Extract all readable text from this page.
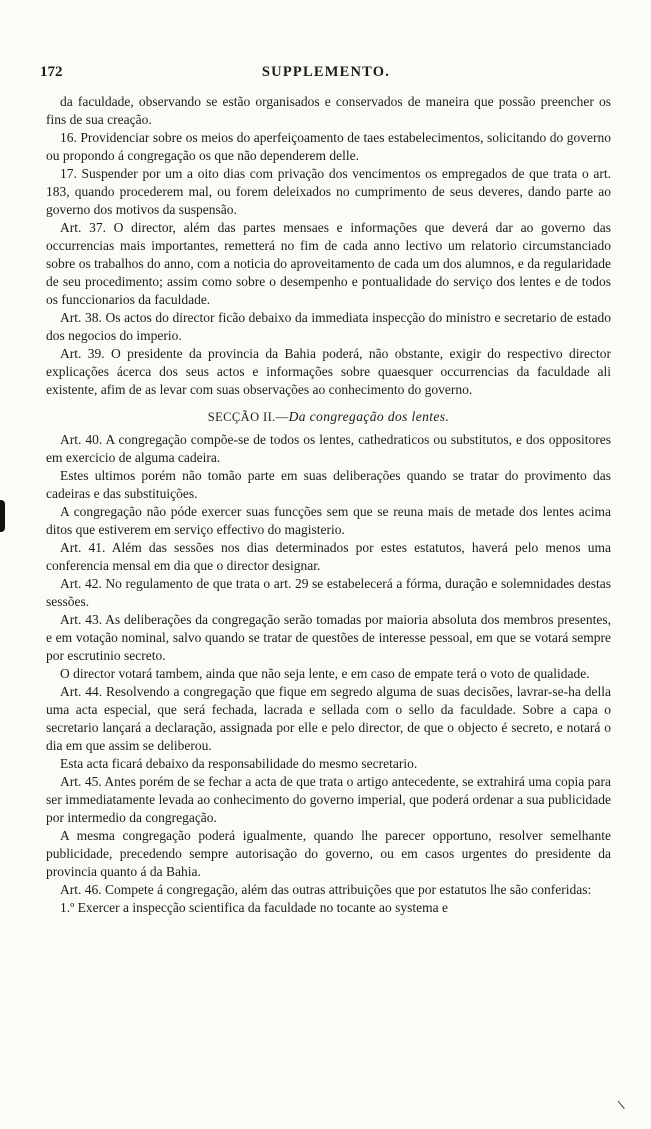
172	SUPPLEMENTO.

da faculdade, observando se estão organisados e conservados de maneira que possão preencher os fins de sua creação.

16. Providenciar sobre os meios do aperfeiçoamento de taes estabelecimentos, solicitando do governo ou propondo á congregação os que não dependerem delle.

17. Suspender por um a oito dias com privação dos vencimentos os empregados de que trata o art. 183, quando procederem mal, ou forem deleixados no cumprimento de seus deveres, dando parte ao governo dos motivos da suspensão.

Art. 37. O director, além das partes mensaes e informações que deverá dar ao governo das occurrencias mais importantes, remetterá no fim de cada anno lectivo um relatorio circumstanciado sobre os trabalhos do anno, com a noticia do aproveitamento de cada um dos alumnos, e da regularidade de seu procedimento; assim como sobre o desempenho e pontualidade do serviço dos lentes e de todos os funccionarios da faculdade.

Art. 38. Os actos do director ficão debaixo da immediata inspecção do ministro e secretario de estado dos negocios do imperio.

Art. 39. O presidente da provincia da Bahia poderá, não obstante, exigir do respectivo director explicações ácerca dos seus actos e informações sobre quaesquer occurrencias da faculdade ali existente, afim de as levar com suas observações ao conhecimento do governo.

SECÇÃO II.—Da congregação dos lentes.

Art. 40. A congregação compõe-se de todos os lentes, cathedraticos ou substitutos, e dos oppositores em exercicio de alguma cadeira.

Estes ultimos porém não tomão parte em suas deliberações quando se tratar do provimento das cadeiras e das substituições.

A congregação não póde exercer suas funcções sem que se reuna mais de metade dos lentes acima ditos que estiverem em serviço effectivo do magisterio.

Art. 41. Além das sessões nos dias determinados por estes estatutos, haverá pelo menos uma conferencia mensal em dia que o director designar.

Art. 42. No regulamento de que trata o art. 29 se estabelecerá a fórma, duração e solemnidades destas sessões.

Art. 43. As deliberações da congregação serão tomadas por maioria absoluta dos membros presentes, e em votação nominal, salvo quando se tratar de questões de interesse pessoal, em que se votará sempre por escrutinio secreto.

O director votará tambem, ainda que não seja lente, e em caso de empate terá o voto de qualidade.

Art. 44. Resolvendo a congregação que fique em segredo alguma de suas decisões, lavrar-se-ha della uma acta especial, que será fechada, lacrada e sellada com o sello da faculdade. Sobre a capa o secretario lançará a declaração, assignada por elle e pelo director, de que o objecto é secreto, e notará o dia em que assim se deliberou.

Esta acta ficará debaixo da responsabilidade do mesmo secretario.

Art. 45. Antes porém de se fechar a acta de que trata o artigo antecedente, se extrahirá uma copia para ser immediatamente levada ao conhecimento do governo imperial, que poderá ordenar a sua publicidade por intermedio da congregação.

A mesma congregação poderá igualmente, quando lhe parecer opportuno, resolver semelhante publicidade, precedendo sempre autorisação do governo, ou em casos urgentes do presidente da provincia quanto á da Bahia.

Art. 46. Compete á congregação, além das outras attribuições que por estatutos lhe são conferidas:

1.º Exercer a inspecção scientifica da faculdade no tocante ao systema e
